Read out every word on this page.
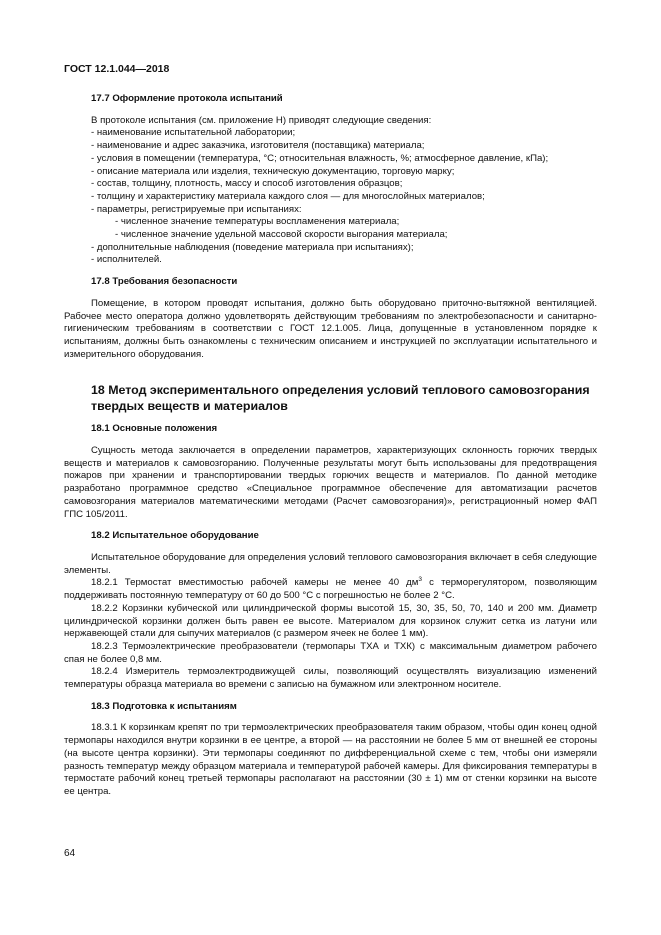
ГОСТ 12.1.044—2018
17.7 Оформление протокола испытаний

В протоколе испытания (см. приложение Н) приводят следующие сведения:

- наименование испытательной лаборатории;

- наименование и адрес заказчика, изготовителя (поставщика) материала;

- условия в помещении (температура, °С; относительная влажность, %; атмосферное давление, кПа);

- описание материала или изделия, техническую документацию, торговую марку;

- состав, толщину, плотность, массу и способ изготовления образцов;

- толщину и характеристику материала каждого слоя — для многослойных материалов;

- параметры, регистрируемые при испытаниях:

- численное значение температуры воспламенения материала;

- численное значение удельной массовой скорости выгорания материала;

- дополнительные наблюдения (поведение материала при испытаниях);

- исполнителей.

17.8 Требования безопасности

Помещение, в котором проводят испытания, должно быть оборудовано приточно-вытяжной вентиляцией. Рабочее место оператора должно удовлетворять действующим требованиям по электробезопасности и санитарно-гигиеническим требованиям в соответствии с ГОСТ 12.1.005. Лица, допущенные в установленном порядке к испытаниям, должны быть ознакомлены с техническим описанием и инструкцией по эксплуатации испытательного и измерительного оборудования.

18 Метод экспериментального определения условий теплового самовозгорания твердых веществ и материалов
18.1 Основные положения

Сущность метода заключается в определении параметров, характеризующих склонность горючих твердых веществ и материалов к самовозгоранию. Полученные результаты могут быть использованы для предотвращения пожаров при хранении и транспортировании твердых горючих веществ и материалов. По данной методике разработано программное средство «Специальное программное обеспечение для автоматизации расчетов самовозгорания материалов математическими методами (Расчет самовозгорания)», регистрационный номер ФАП ГПС 105/2011.

18.2 Испытательное оборудование

Испытательное оборудование для определения условий теплового самовозгорания включает в себя следующие элементы.

18.2.1 Термостат вместимостью рабочей камеры не менее 40 $дм^3$ с терморегулятором, позволяющим поддерживать постоянную температуру от 60 до 500 °С с погрешностью не более 2 °С.

18.2.2 Корзинки кубической или цилиндрической формы высотой 15, 30, 35, 50, 70, 140 и 200 мм. Диаметр цилиндрической корзинки должен быть равен ее высоте. Материалом для корзинок служит сетка из латуни или нержавеющей стали для сыпучих материалов (с размером ячеек не более 1 мм).

18.2.3 Термоэлектрические преобразователи (термопары ТХА и ТХК) с максимальным диаметром рабочего спая не более 0,8 мм.

18.2.4 Измеритель термоэлектродвижущей силы, позволяющий осуществлять визуализацию изменений температуры образца материала во времени с записью на бумажном или электронном носителе.

18.3 Подготовка к испытаниям

18.3.1 К корзинкам крепят по три термоэлектрических преобразователя таким образом, чтобы один конец одной термопары находился внутри корзинки в ее центре, а второй — на расстоянии не более 5 мм от внешней ее стороны (на высоте центра корзинки). Эти термопары соединяют по дифференциальной схеме с тем, чтобы они измеряли разность температур между образцом материала и температурой рабочей камеры. Для фиксирования температуры в термостате рабочий конец третьей термопары располагают на расстоянии (30 ± 1) мм от стенки корзинки на высоте ее центра.

64
